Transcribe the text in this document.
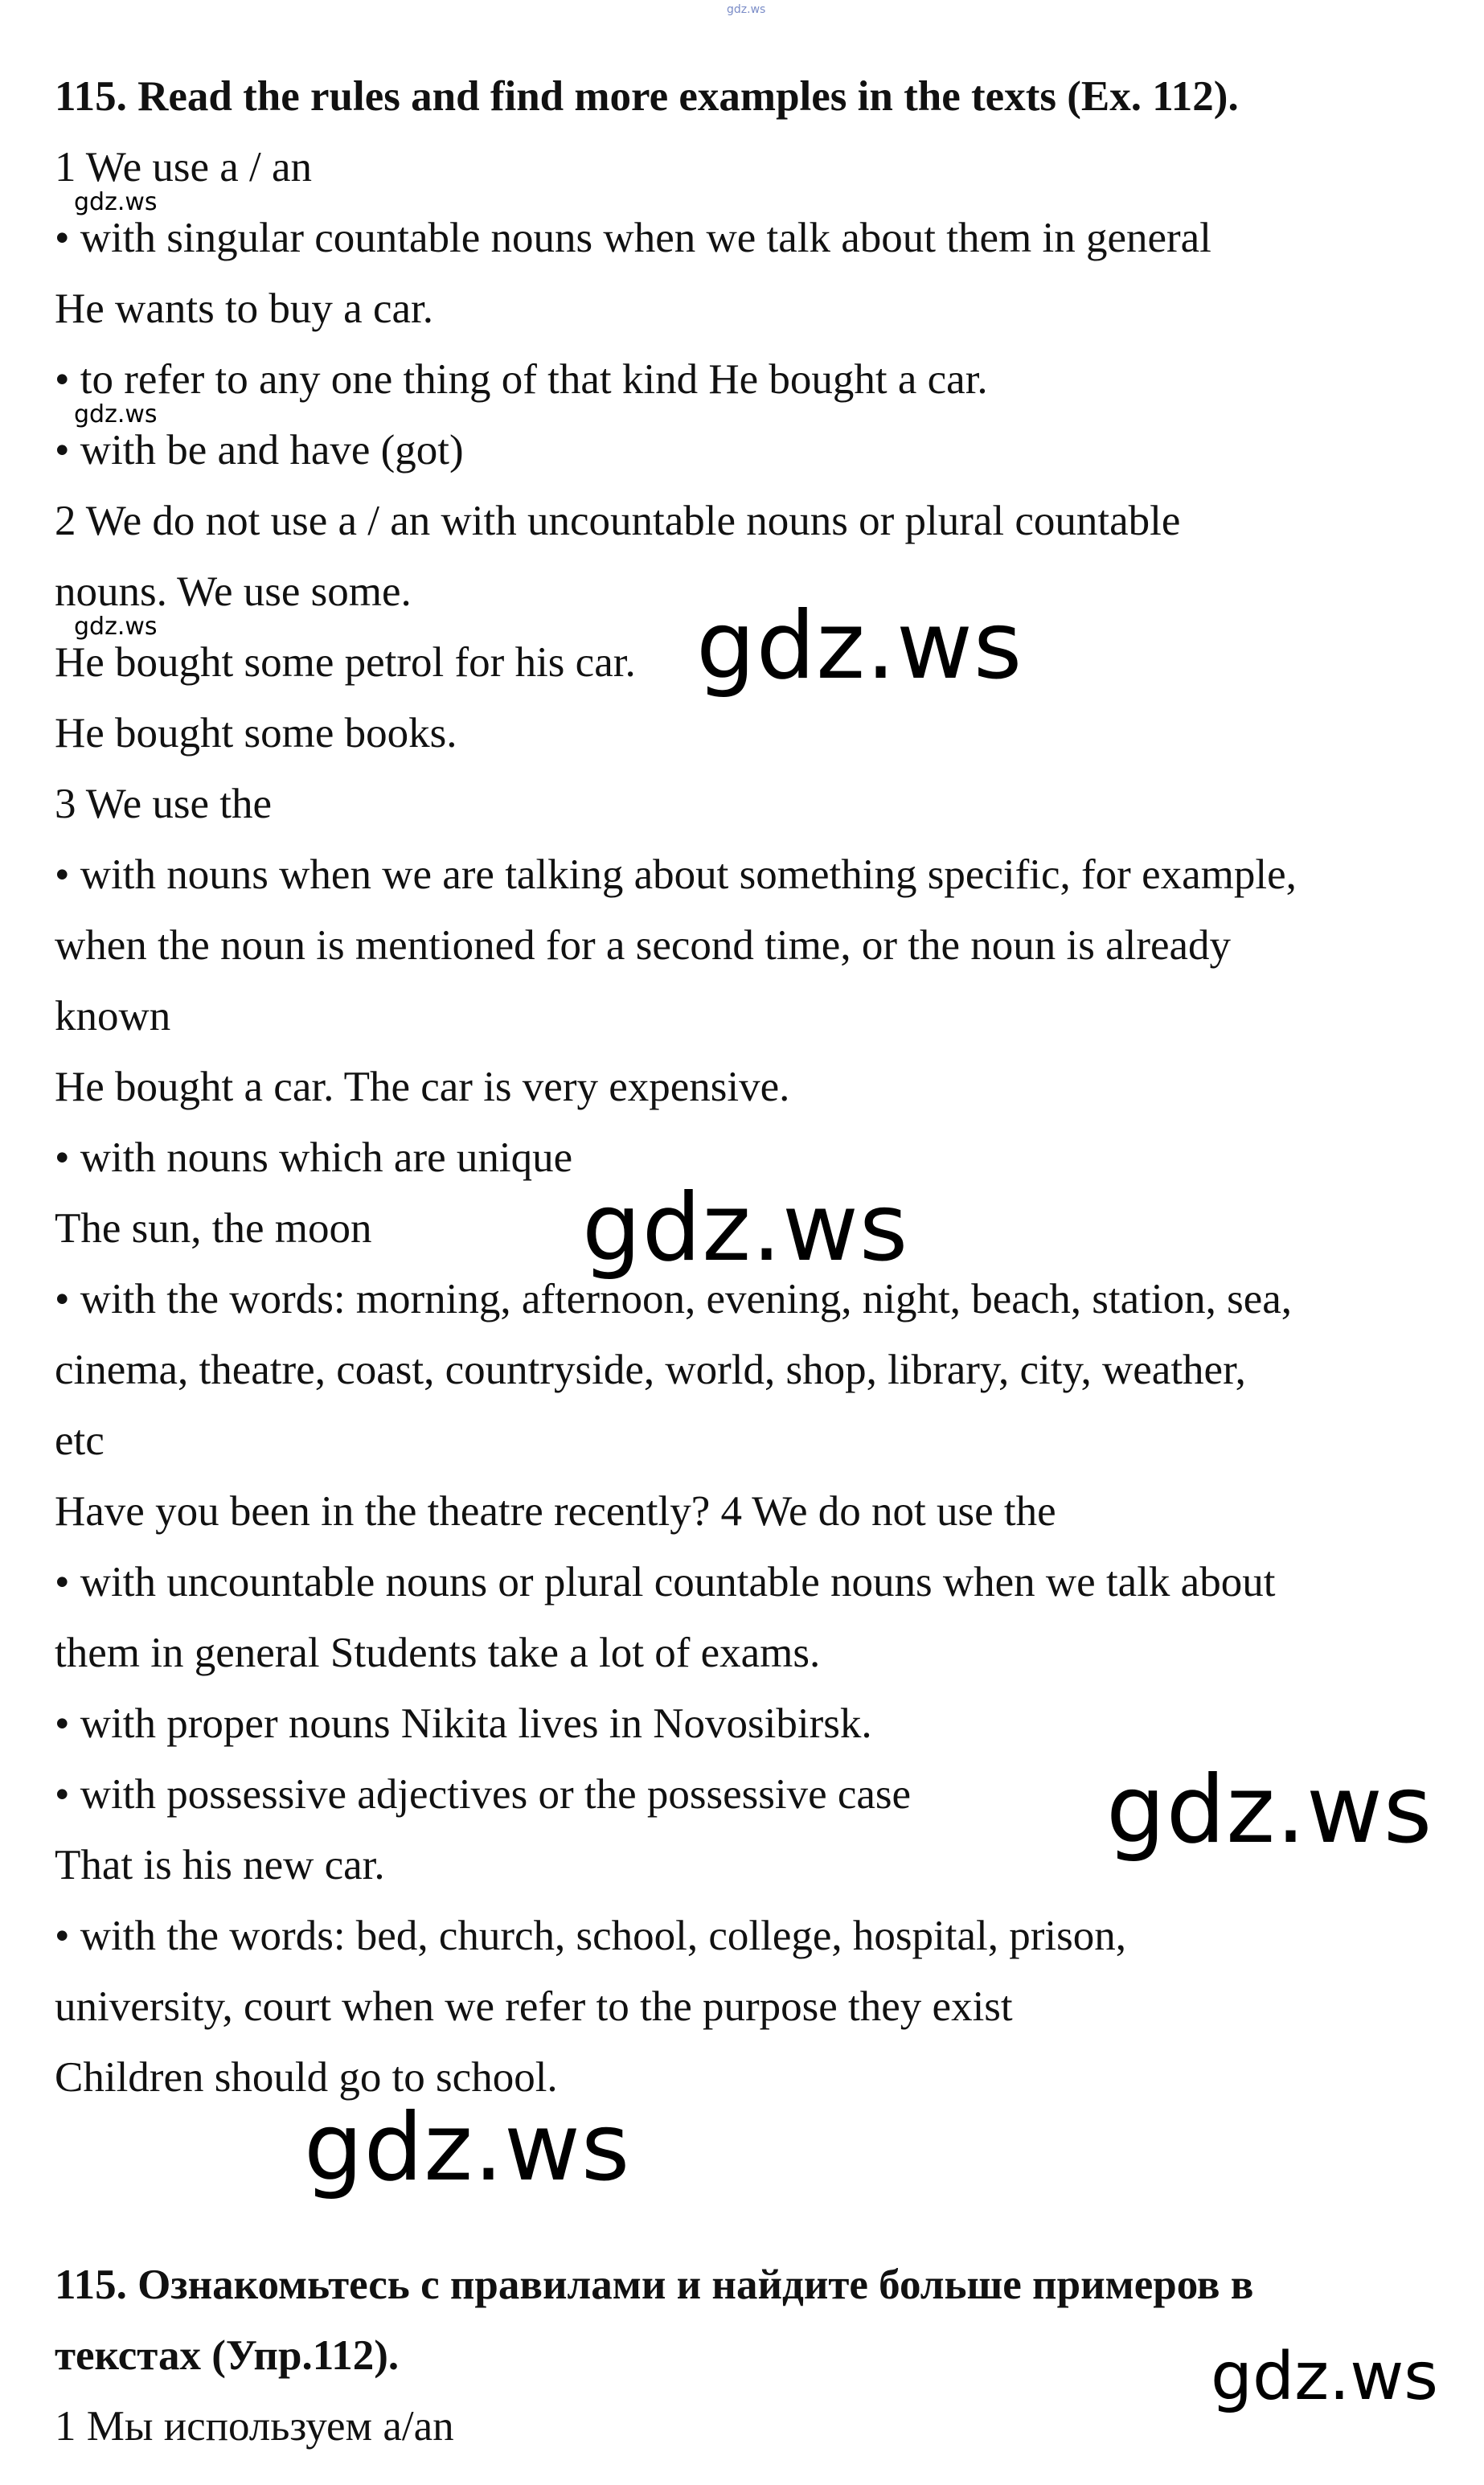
gdz.ws
115. Read the rules and find more examples in the texts (Ex. 112).
1 We use a / an
gdz.ws
• with singular countable nouns when we talk about them in general
He wants to buy a car.
• to refer to any one thing of that kind He bought a car.
gdz.ws
• with be and have (got)
2 We do not use a / an with uncountable nouns or plural countable
nouns. We use some.
gdz.ws
He bought some petrol for his car. gdz.ws
He bought some books.
3 We use the
• with nouns when we are talking about something specific, for example,
when the noun is mentioned for a second time, or the noun is already
known
He bought a car. The car is very expensive.
• with nouns which are unique
The sun, the moon gdz.ws
• with the words: morning, afternoon, evening, night, beach, station, sea,
cinema, theatre, coast, countryside, world, shop, library, city, weather,
etc
Have you been in the theatre recently? 4 We do not use the
• with uncountable nouns or plural countable nouns when we talk about
them in general Students take a lot of exams.
• with proper nouns Nikita lives in Novosibirsk.
• with possessive adjectives or the possessive case gdz.ws
That is his new car.
• with the words: bed, church, school, college, hospital, prison,
university, court when we refer to the purpose they exist
Children should go to school.
gdz.ws
115. Ознакомьтесь с правилами и найдите больше примеров в
текстах (Упр.112).	gdz.ws
1 Мы используем a/an
